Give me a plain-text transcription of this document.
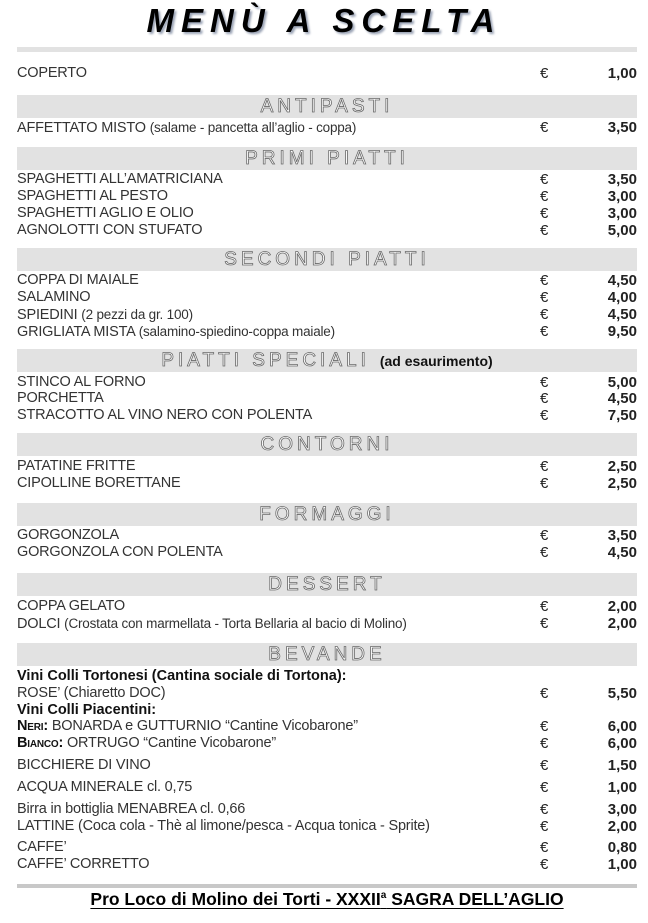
MENÙ A SCELTA
COPERTO	€	1,00
ANTIPASTI
AFFETTATO MISTO (salame - pancetta all’aglio - coppa)	€	3,50
PRIMI PIATTI
SPAGHETTI ALL’AMATRICIANA	€	3,50
SPAGHETTI AL PESTO	€	3,00
SPAGHETTI AGLIO E OLIO	€	3,00
AGNOLOTTI CON STUFATO	€	5,00
SECONDI PIATTI
COPPA DI MAIALE	€	4,50
SALAMINO	€	4,00
SPIEDINI (2 pezzi da gr. 100)	€	4,50
GRIGLIATA MISTA (salamino-spiedino-coppa maiale)	€	9,50
PIATTI SPECIALI (ad esaurimento)
STINCO AL FORNO	€	5,00
PORCHETTA	€	4,50
STRACOTTO AL VINO NERO CON POLENTA	€	7,50
CONTORNI
PATATINE FRITTE	€	2,50
CIPOLLINE BORETTANE	€	2,50
FORMAGGI
GORGONZOLA	€	3,50
GORGONZOLA CON POLENTA	€	4,50
DESSERT
COPPA GELATO	€	2,00
DOLCI (Crostata con marmellata - Torta Bellaria al bacio di Molino)	€	2,00
BEVANDE
Vini Colli Tortonesi (Cantina sociale di Tortona):
ROSE’ (Chiaretto DOC)	€	5,50
Vini Colli Piacentini:
Neri: BONARDA e GUTTURNIO “Cantine Vicobarone”	€	6,00
Bianco: ORTRUGO “Cantine Vicobarone”	€	6,00
BICCHIERE DI VINO	€	1,50
ACQUA MINERALE cl. 0,75	€	1,00
Birra in bottiglia MENABREA cl. 0,66	€	3,00
LATTINE (Coca cola - Thè al limone/pesca - Acqua tonica - Sprite)	€	2,00
CAFFE’	€	0,80
CAFFE’ CORRETTO	€	1,00
Pro Loco di Molino dei Torti - XXXII$^a$ SAGRA DELL’AGLIO
